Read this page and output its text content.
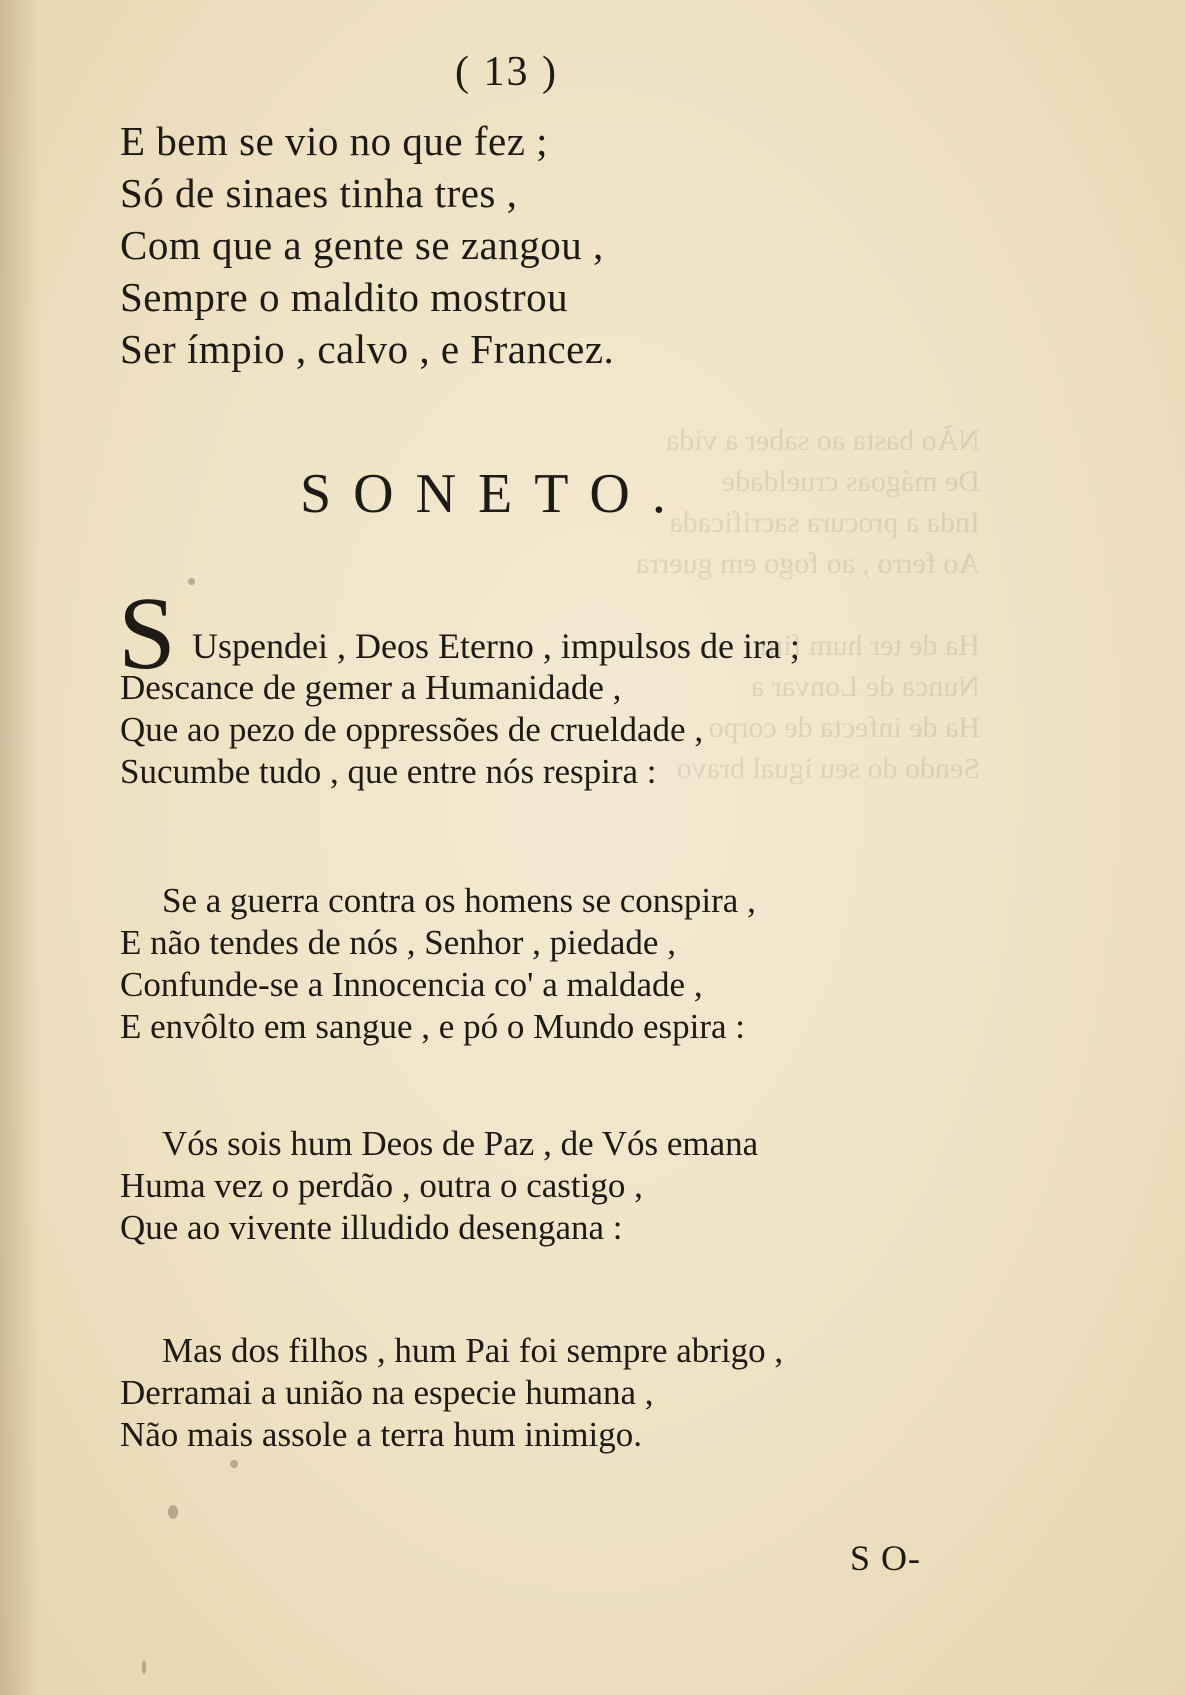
NÃo basta ao saber a vida
De mágoas crueldade
Inda a procura sacrificada
Ao ferro , ao fogo em guerra

Ha de ter hum fim
Nunca de Lonvar a
Ha de infecta de corpo
Sendo do seu igual bravo
( 13 )
E bem se vio no que fez ;
Só de sinaes tinha tres ,
Com que a gente se zangou ,
Sempre o maldito mostrou
Ser ímpio , calvo , e Francez.
SONETO.
S Uspendei , Deos Eterno , impulsos de ira ;
Descance de gemer a Humanidade ,
Que ao pezo de oppressões de crueldade ,
Sucumbe tudo , que entre nós respira :
Se a guerra contra os homens se conspira ,
E não tendes de nós , Senhor , piedade ,
Confunde-se a Innocencia co' a maldade ,
E envôlto em sangue , e pó o Mundo espira :
Vós sois hum Deos de Paz , de Vós emana
Huma vez o perdão , outra o castigo ,
Que ao vivente illudido desengana :
Mas dos filhos , hum Pai foi sempre abrigo ,
Derramai a união na especie humana ,
Não mais assole a terra hum inimigo.
S O-
